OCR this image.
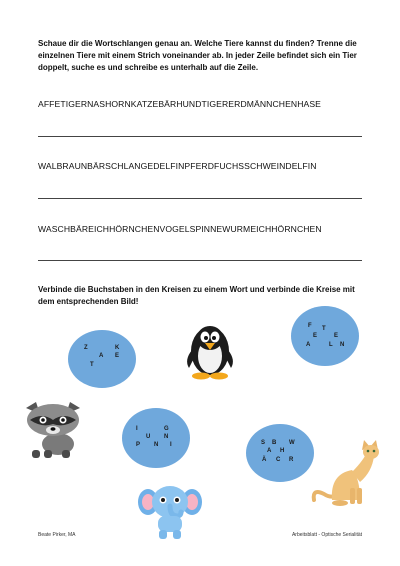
Schaue dir die Wortschlangen genau an. Welche Tiere kannst du finden? Trenne die einzelnen Tiere mit einem Strich voneinander ab. In jeder Zeile befindet sich ein Tier doppelt, suche es und schreibe es unterhalb auf die Zeile.
AFFETIGERNASHORNKATZEBÄRHUNDTIGERERDMÄNNCHENHASE
WALBRAUNBÄRSCHLANGEDELFINPFERDFUCHSSCHWEINDELFIN
WASCHBÄREICHHÖRNCHENVOGELSPINNEWURMEICHHÖRNCHEN
Verbinde die Buchstaben in den Kreisen zu einem Wort und verbinde die Kreise mit dem entsprechenden Bild!
Z	K
A E
T
F T
E	E
A	L N
I	G
U N
P N I	S B W
A H
Ä C R
Beate Pirker, MA	Arbeitsblatt - Optische Serialität
